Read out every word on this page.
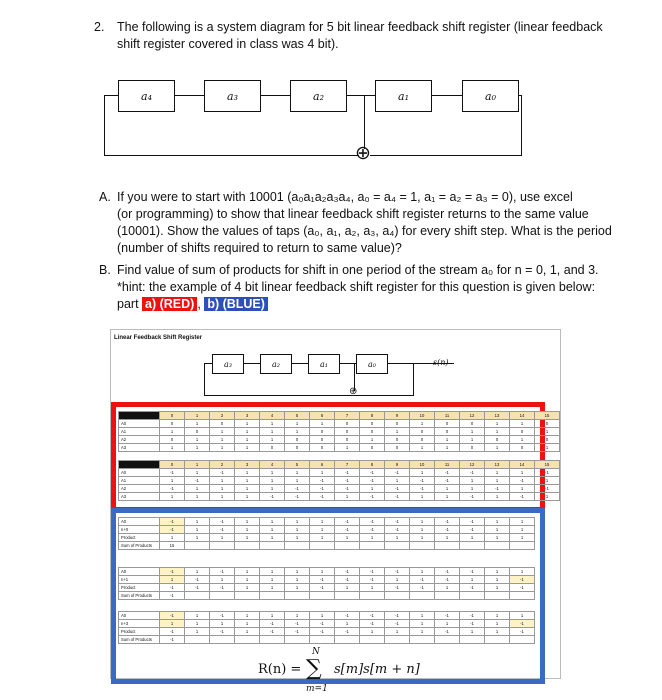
2. The following is a system diagram for 5 bit linear feedback shift register (linear feedback
shift register covered in class was 4 bit).
a₄	a₃	a₂	a₁	a₀
⊕
A. If you were to start with 10001 (a₀a₁a₂a₃a₄, a₀ = a₄ = 1, a₁ = a₂ = a₃ = 0), use excel
(or programming) to show that linear feedback shift register returns to the same value
(10001). Show the values of taps (a₀, a₁, a₂, a₃, a₄) for every shift step. What is the period
(number of shifts required to return to same value)?
B. Find value of sum of products for shift in one period of the stream a₀ for n = 0, 1, and 3.
*hint: the example of 4 bit linear feedback shift register for this question is given below:
part a) (RED) , b) (BLUE)
Linear Feedback Shift Register
a₃	a₂	a₁	a₀
⊕
s(n)
	0	1	2	3	4	5	6	7	8	9	10	11	12	13	14	15
A0	0	1	0	1	1	1	1	0	0	0	1	0	0	1	1	0
A1	1	0	1	1	1	1	0	0	0	1	0	0	1	1	0	1
A2	0	1	1	1	1	0	0	0	1	0	0	1	1	0	1	0
A3	1	1	1	1	0	0	0	1	0	0	1	1	0	1	0	1
	0	1	2	3	4	5	6	7	8	9	10	11	12	13	14	15
A0	-1	1	-1	1	1	1	1	-1	-1	-1	1	-1	-1	1	1	-1
A1	1	-1	1	1	1	1	-1	-1	-1	1	-1	-1	1	1	-1	1
A2	-1	1	1	1	1	-1	-1	-1	1	-1	-1	1	1	-1	1	-1
A3	1	1	1	1	-1	-1	-1	1	-1	-1	1	1	-1	1	-1	1
A0	-1	1	-1	1	1	1	1	-1	-1	-1	1	-1	-1	1	1
n+0	-1	1	-1	1	1	1	1	-1	-1	-1	1	-1	-1	1	1
Product	1	1	1	1	1	1	1	1	1	1	1	1	1	1	1
Sum of Products	15														
A0	-1	1	-1	1	1	1	1	-1	-1	-1	1	-1	-1	1	1
n+1	1	-1	1	1	1	1	-1	-1	-1	1	-1	-1	1	1	-1
Product	-1	-1	-1	1	1	1	-1	1	1	-1	-1	1	-1	1	-1
Sum of Products	-1														
A0	-1	1	-1	1	1	1	1	-1	-1	-1	1	-1	-1	1	1
n+3	1	1	1	1	-1	-1	-1	1	-1	-1	1	1	-1	1	-1
Product	-1	1	-1	1	-1	-1	-1	-1	1	1	1	-1	1	1	-1
Sum of Products	-1														
R(n) =
N
∑
m=1
s[m]s[m + n]
